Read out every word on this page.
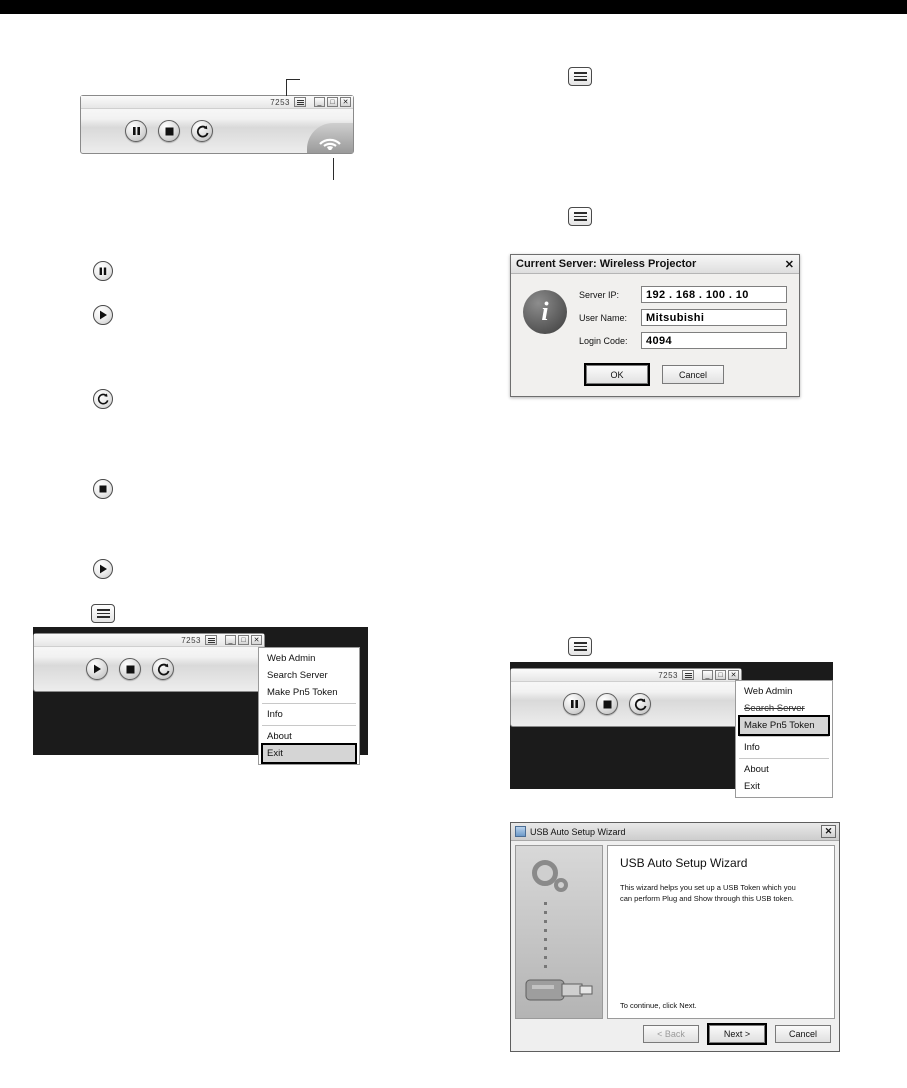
7253	_	□	✕
7253	_	□	✕
Web Admin
Search Server
Make Pn5 Token
Info
About
Exit
Current Server: Wireless Projector	✕
i
Server IP:	192 . 168 . 100 . 10
User Name:	Mitsubishi
Login Code:	4094
OK	Cancel
7253	_	□	✕
Web Admin
Search Server
Make Pn5 Token
Info
About
Exit
USB Auto Setup Wizard	✕
USB Auto Setup Wizard
This wizard helps you set up a USB Token which you can perform Plug and Show through this USB token.
To continue, click Next.
< Back	Next >	Cancel
